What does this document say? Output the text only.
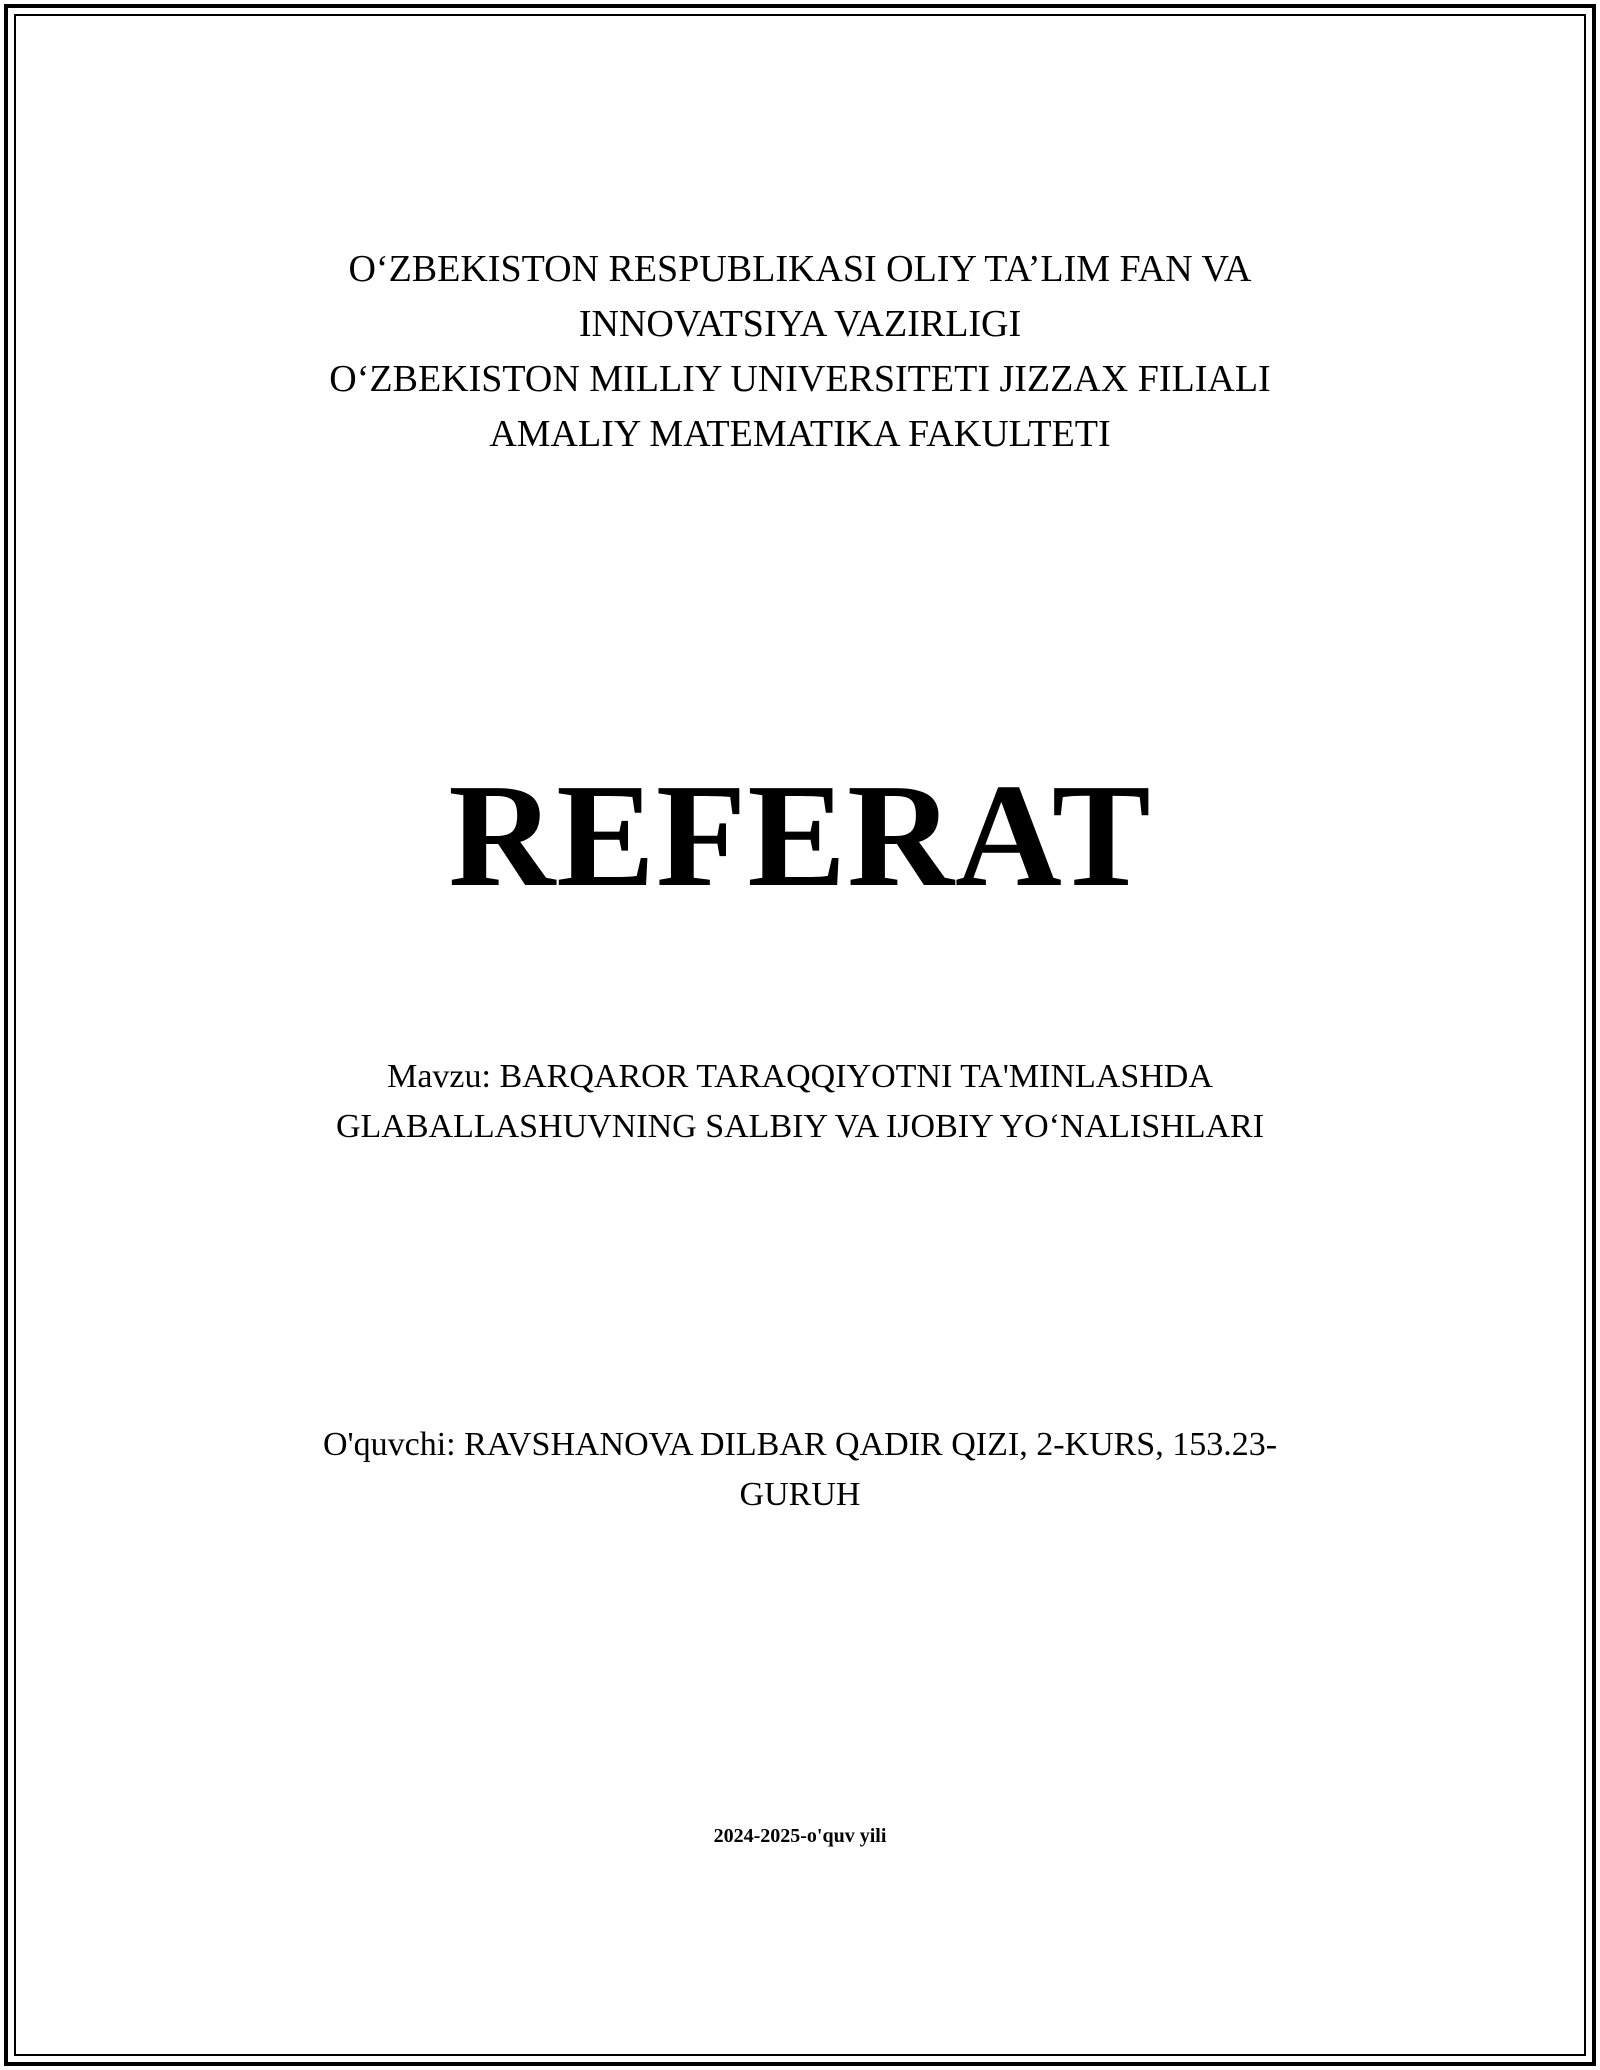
O‘ZBEKISTON RESPUBLIKASI OLIY TA’LIM FAN VA
INNOVATSIYA VAZIRLIGI
O‘ZBEKISTON MILLIY UNIVERSITETI JIZZAX FILIALI
AMALIY MATEMATIKA FAKULTETI
REFERAT
Mavzu: BARQAROR TARAQQIYOTNI TA'MINLASHDA
GLABALLASHUVNING SALBIY VA IJOBIY YO‘NALISHLARI
O'quvchi: RAVSHANOVA DILBAR QADIR QIZI, 2-KURS, 153.23-
GURUH
2024-2025-o'quv yili
